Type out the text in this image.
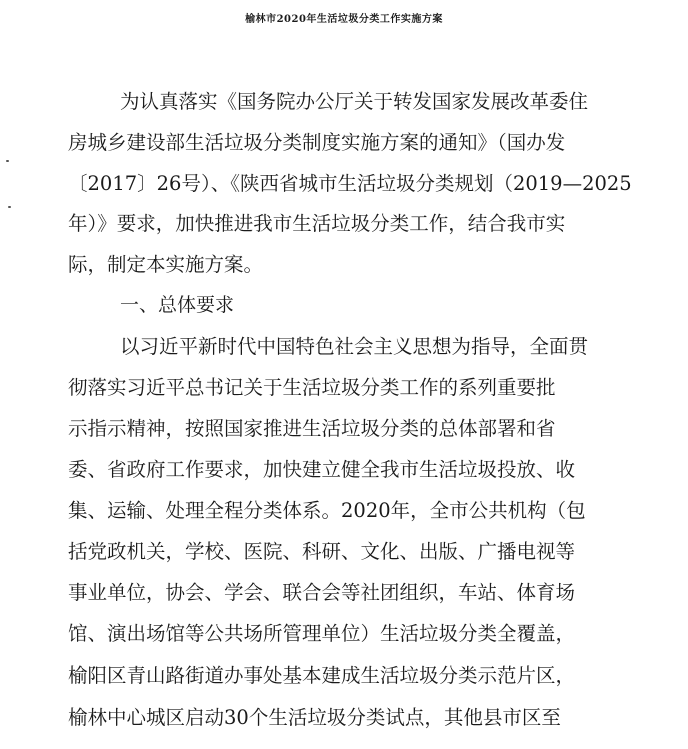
榆林市2020年生活垃圾分类工作实施方案
为认真落实《国务院办公厅关于转发国家发展改革委住
房城乡建设部生活垃圾分类制度实施方案的通知》（国办发
〔2017〕26号）、《陕西省城市生活垃圾分类规划（2019—2025
年）》要求，加快推进我市生活垃圾分类工作，结合我市实
际，制定本实施方案。
一、总体要求
以习近平新时代中国特色社会主义思想为指导，全面贯
彻落实习近平总书记关于生活垃圾分类工作的系列重要批
示指示精神，按照国家推进生活垃圾分类的总体部署和省
委、省政府工作要求，加快建立健全我市生活垃圾投放、收
集、运输、处理全程分类体系。2020年，全市公共机构（包
括党政机关，学校、医院、科研、文化、出版、广播电视等
事业单位，协会、学会、联合会等社团组织，车站、体育场
馆、演出场馆等公共场所管理单位）生活垃圾分类全覆盖，
榆阳区青山路街道办事处基本建成生活垃圾分类示范片区，
榆林中心城区启动30个生活垃圾分类试点，其他县市区至
